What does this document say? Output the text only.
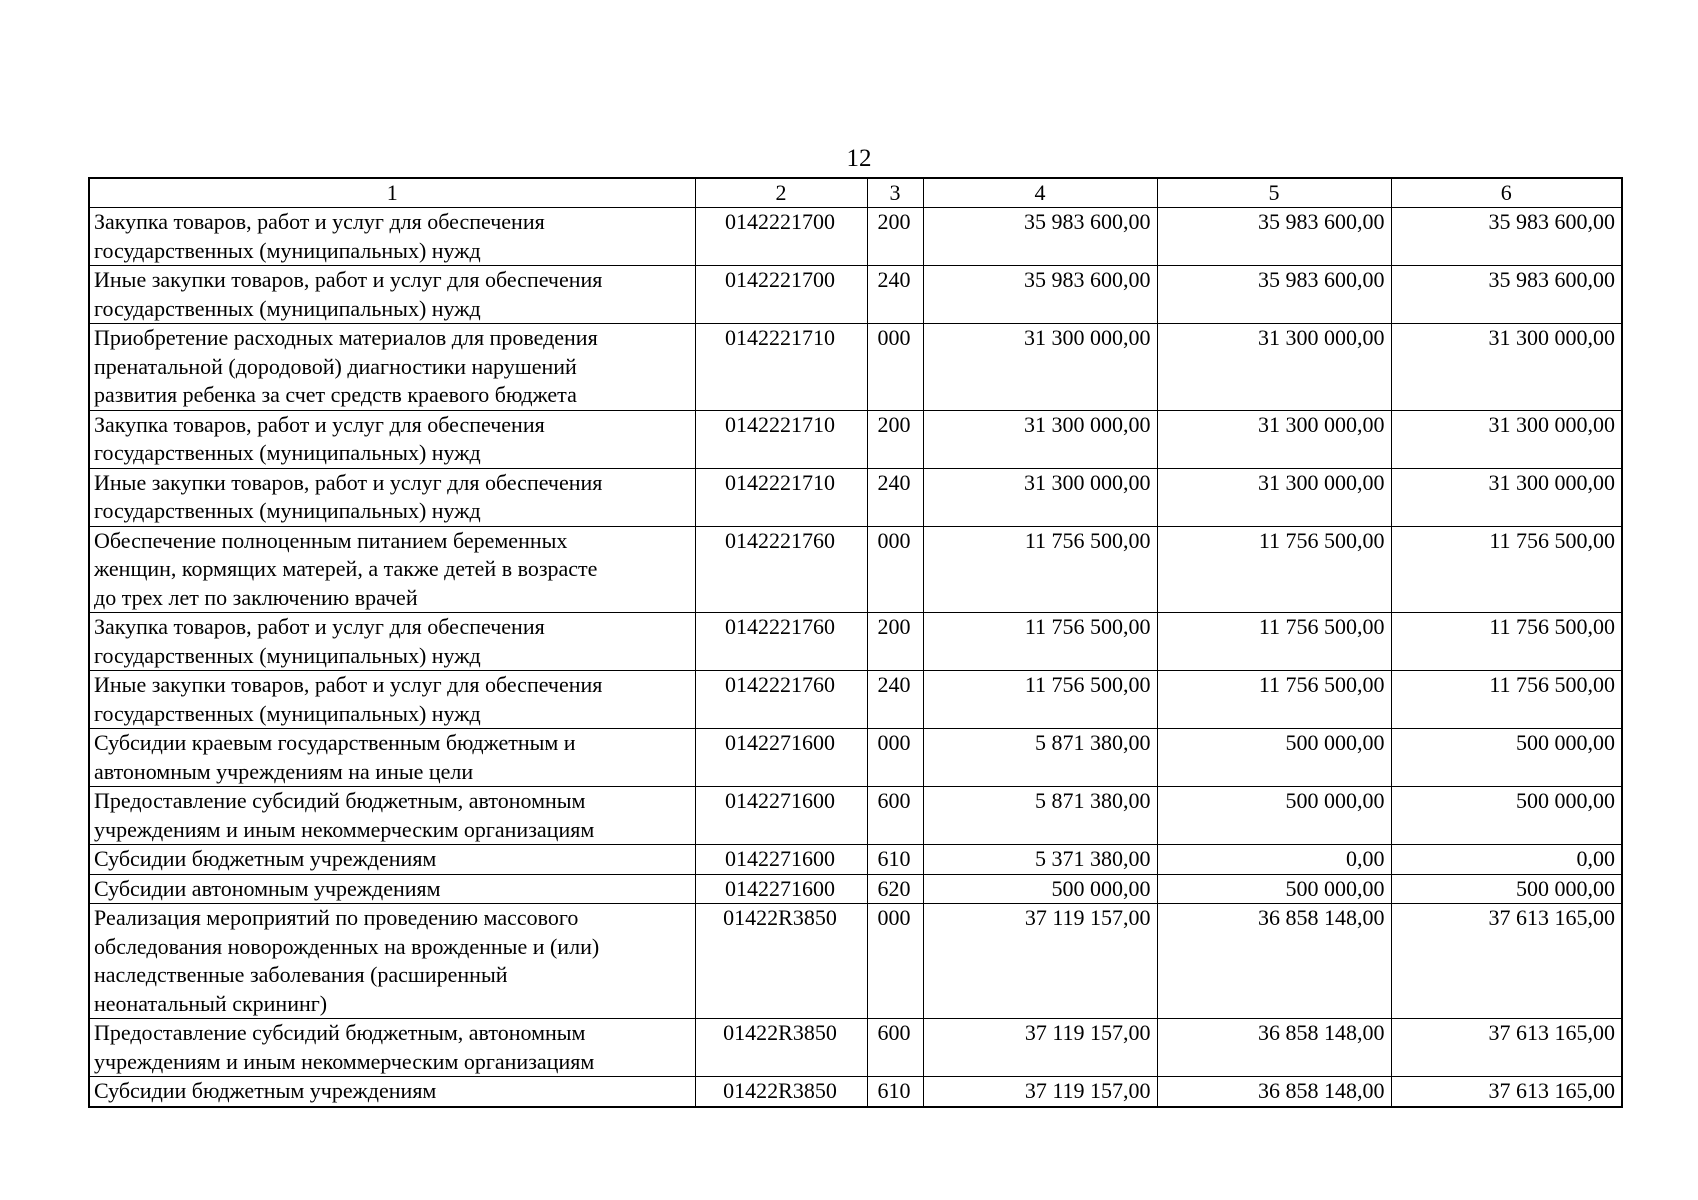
12
1	2	3	4	5	6
Закупка товаров, работ и услуг для обеспечения
государственных (муниципальных) нужд	0142221700	200	35 983 600,00	35 983 600,00	35 983 600,00
Иные закупки товаров, работ и услуг для обеспечения
государственных (муниципальных) нужд	0142221700	240	35 983 600,00	35 983 600,00	35 983 600,00
Приобретение расходных материалов для проведения
пренатальной (дородовой) диагностики нарушений
развития ребенка за счет средств краевого бюджета	0142221710	000	31 300 000,00	31 300 000,00	31 300 000,00
Закупка товаров, работ и услуг для обеспечения
государственных (муниципальных) нужд	0142221710	200	31 300 000,00	31 300 000,00	31 300 000,00
Иные закупки товаров, работ и услуг для обеспечения
государственных (муниципальных) нужд	0142221710	240	31 300 000,00	31 300 000,00	31 300 000,00
Обеспечение полноценным питанием беременных
женщин, кормящих матерей, а также детей в возрасте
до трех лет по заключению врачей	0142221760	000	11 756 500,00	11 756 500,00	11 756 500,00
Закупка товаров, работ и услуг для обеспечения
государственных (муниципальных) нужд	0142221760	200	11 756 500,00	11 756 500,00	11 756 500,00
Иные закупки товаров, работ и услуг для обеспечения
государственных (муниципальных) нужд	0142221760	240	11 756 500,00	11 756 500,00	11 756 500,00
Субсидии краевым государственным бюджетным и
автономным учреждениям на иные цели	0142271600	000	5 871 380,00	500 000,00	500 000,00
Предоставление субсидий бюджетным, автономным
учреждениям и иным некоммерческим организациям	0142271600	600	5 871 380,00	500 000,00	500 000,00
Субсидии бюджетным учреждениям	0142271600	610	5 371 380,00	0,00	0,00
Субсидии автономным учреждениям	0142271600	620	500 000,00	500 000,00	500 000,00
Реализация мероприятий по проведению массового
обследования новорожденных на врожденные и (или)
наследственные заболевания (расширенный
неонатальный скрининг)	01422R3850	000	37 119 157,00	36 858 148,00	37 613 165,00
Предоставление субсидий бюджетным, автономным
учреждениям и иным некоммерческим организациям	01422R3850	600	37 119 157,00	36 858 148,00	37 613 165,00
Субсидии бюджетным учреждениям	01422R3850	610	37 119 157,00	36 858 148,00	37 613 165,00
